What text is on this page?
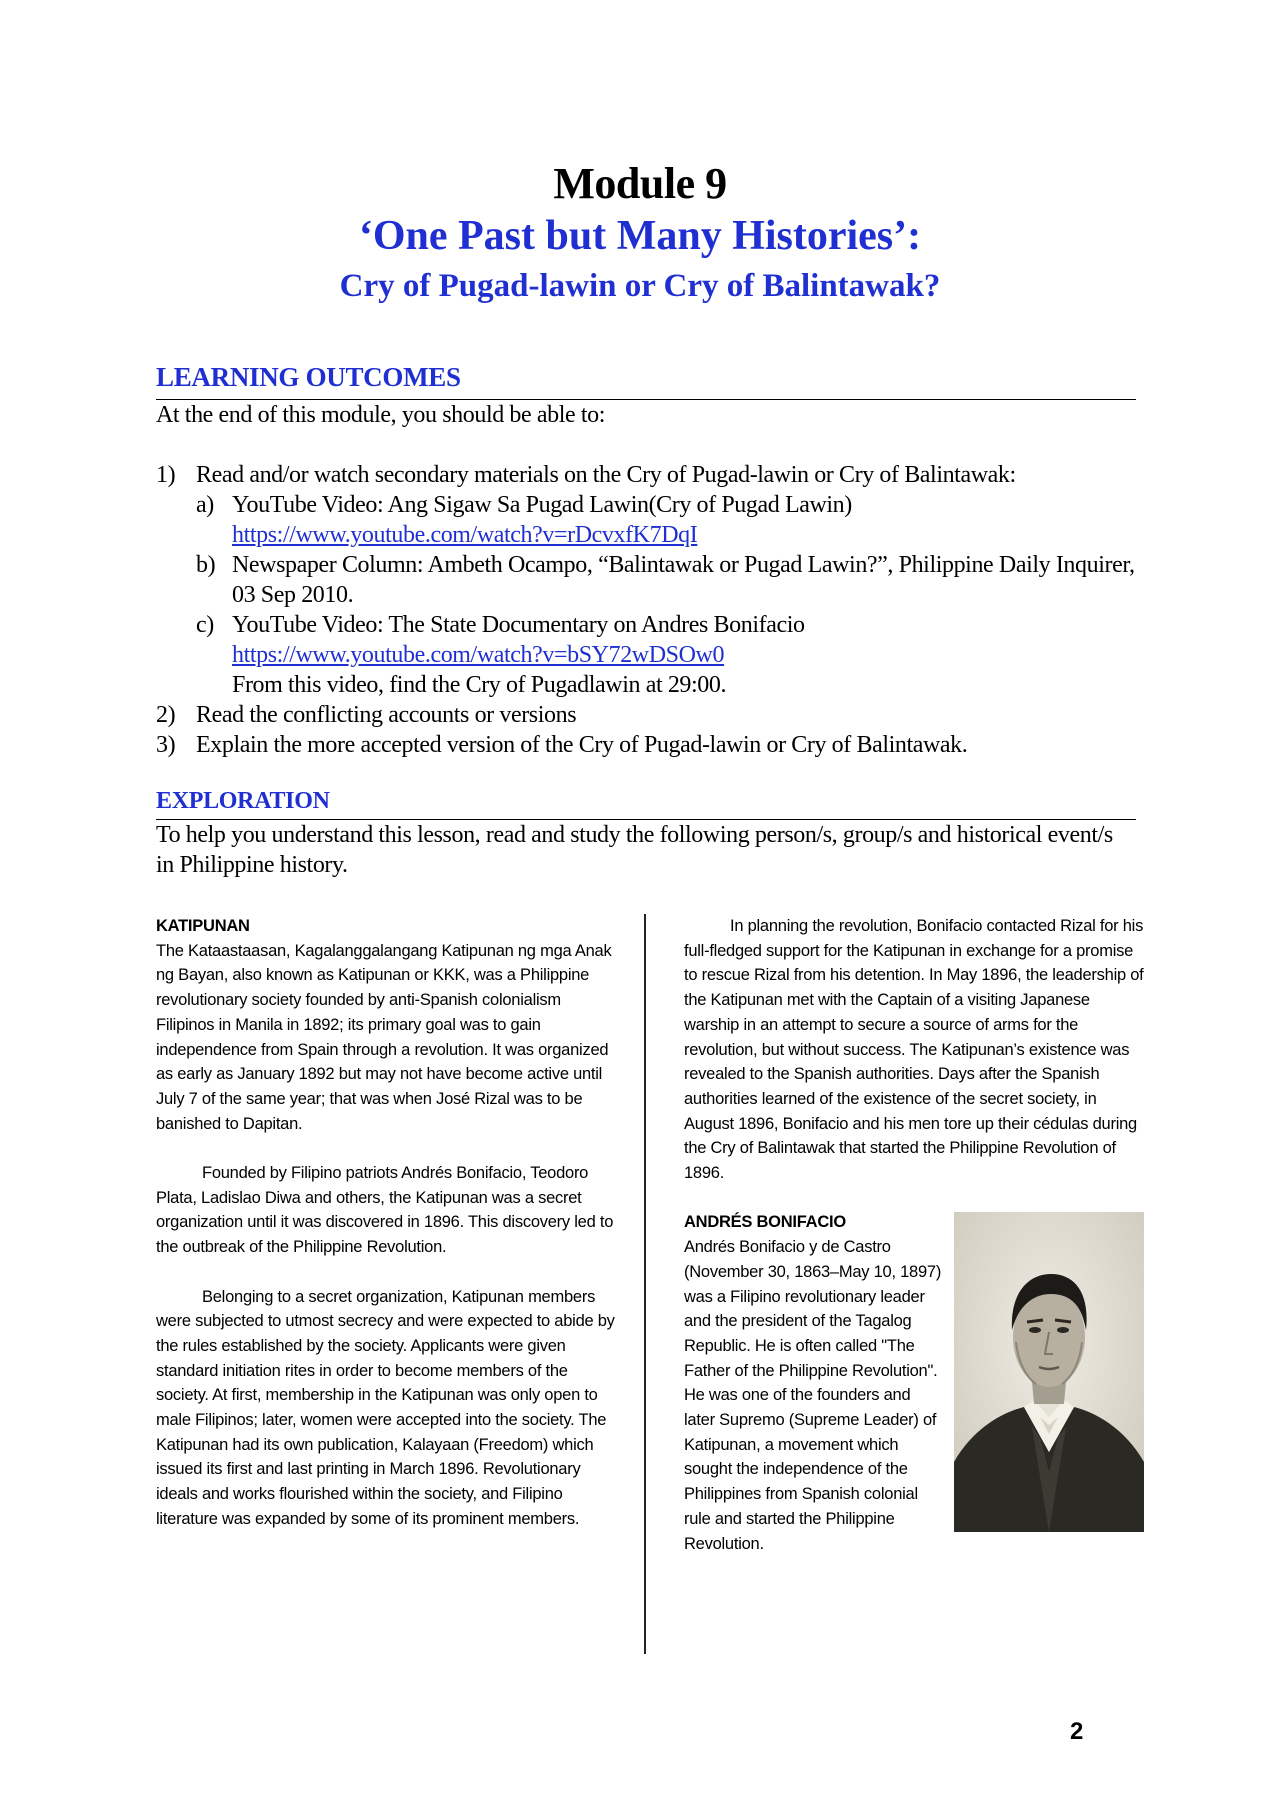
Module 9
‘One Past but Many Histories’:
Cry of Pugad-lawin or Cry of Balintawak?
LEARNING OUTCOMES
At the end of this module, you should be able to:
1) Read and/or watch secondary materials on the Cry of Pugad-lawin or Cry of Balintawak:
a) YouTube Video: Ang Sigaw Sa Pugad Lawin(Cry of Pugad Lawin)
https://www.youtube.com/watch?v=rDcvxfK7DqI
b) Newspaper Column: Ambeth Ocampo, “Balintawak or Pugad Lawin?”, Philippine Daily Inquirer, 03 Sep 2010.
c) YouTube Video: The State Documentary on Andres Bonifacio
https://www.youtube.com/watch?v=bSY72wDSOw0
From this video, find the Cry of Pugadlawin at 29:00.
2) Read the conflicting accounts or versions
3) Explain the more accepted version of the Cry of Pugad-lawin or Cry of Balintawak.
EXPLORATION
To help you understand this lesson, read and study the following person/s, group/s and historical event/s in Philippine history.

KATIPUNAN

The Kataastaasan, Kagalanggalangang Katipunan ng mga Anak ng Bayan, also known as Katipunan or KKK, was a Philippine revolutionary society founded by anti-Spanish colonialism Filipinos in Manila in 1892; its primary goal was to gain independence from Spain through a revolution. It was organized as early as January 1892 but may not have become active until July 7 of the same year; that was when José Rizal was to be banished to Dapitan.

Founded by Filipino patriots Andrés Bonifacio, Teodoro Plata, Ladislao Diwa and others, the Katipunan was a secret organization until it was discovered in 1896. This discovery led to the outbreak of the Philippine Revolution.

Belonging to a secret organization, Katipunan members were subjected to utmost secrecy and were expected to abide by the rules established by the society. Applicants were given standard initiation rites in order to become members of the society. At first, membership in the Katipunan was only open to male Filipinos; later, women were accepted into the society. The Katipunan had its own publication, Kalayaan (Freedom) which issued its first and last printing in March 1896. Revolutionary ideals and works flourished within the society, and Filipino literature was expanded by some of its prominent members.

In planning the revolution, Bonifacio contacted Rizal for his full-fledged support for the Katipunan in exchange for a promise to rescue Rizal from his detention. In May 1896, the leadership of the Katipunan met with the Captain of a visiting Japanese warship in an attempt to secure a source of arms for the revolution, but without success. The Katipunan’s existence was revealed to the Spanish authorities. Days after the Spanish authorities learned of the existence of the secret society, in August 1896, Bonifacio and his men tore up their cédulas during the Cry of Balintawak that started the Philippine Revolution of 1896.

ANDRÉS BONIFACIO

Andrés Bonifacio y de Castro (November 30, 1863–May 10, 1897) was a Filipino revolutionary leader and the president of the Tagalog Republic. He is often called "The Father of the Philippine Revolution". He was one of the founders and later Supremo (Supreme Leader) of Katipunan, a movement which sought the independence of the Philippines from Spanish colonial rule and started the Philippine Revolution.

2
